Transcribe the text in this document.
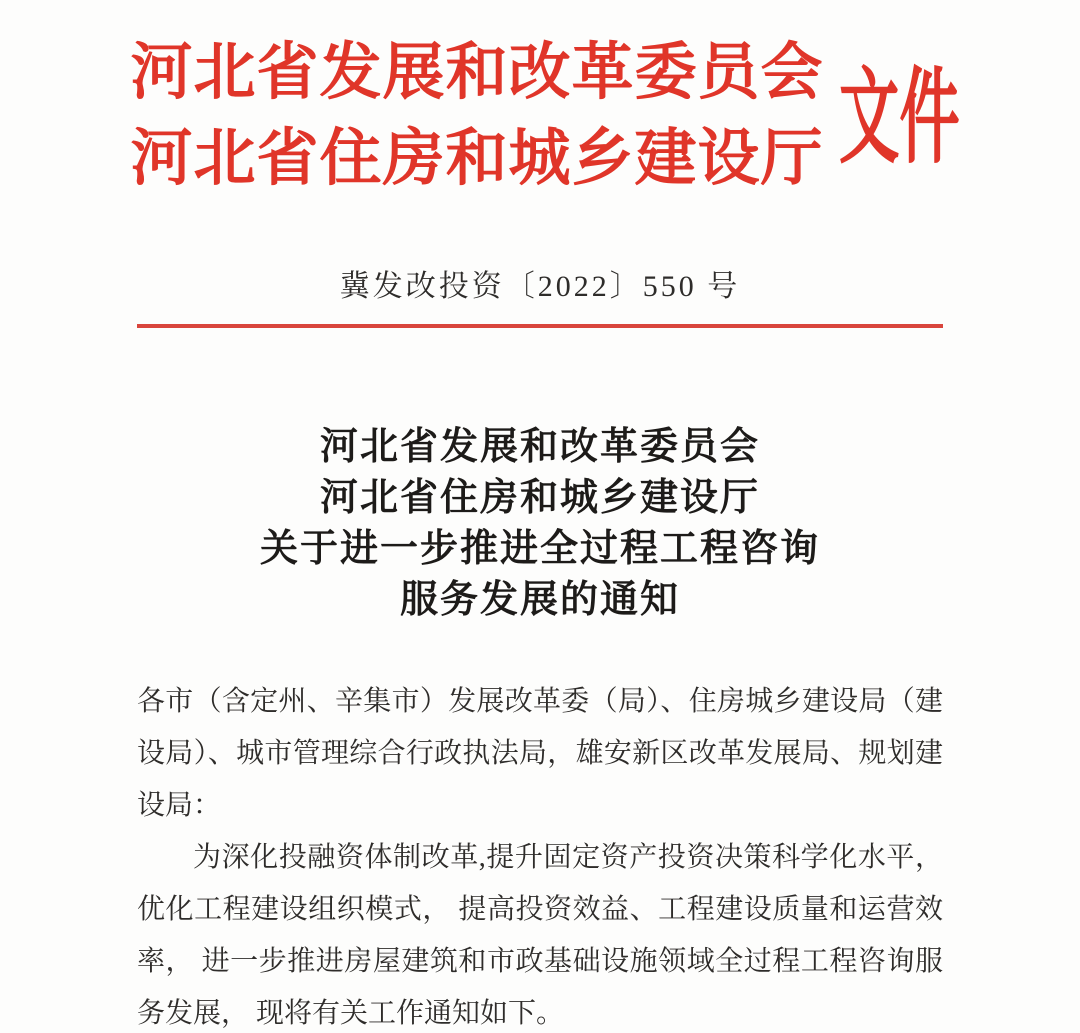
河北省发展和改革委员会
河北省住房和城乡建设厅 文件
冀发改投资〔2022〕550 号
河北省发展和改革委员会
河北省住房和城乡建设厅
关于进一步推进全过程工程咨询
服务发展的通知
各市（含定州、辛集市）发展改革委（局）、住房城乡建设局（建
设局）、城市管理综合行政执法局，雄安新区改革发展局、规划建
设局：
为深化投融资体制改革,提升固定资产投资决策科学化水平，
优化工程建设组织模式， 提高投资效益、工程建设质量和运营效
率， 进一步推进房屋建筑和市政基础设施领域全过程工程咨询服
务发展， 现将有关工作通知如下。
